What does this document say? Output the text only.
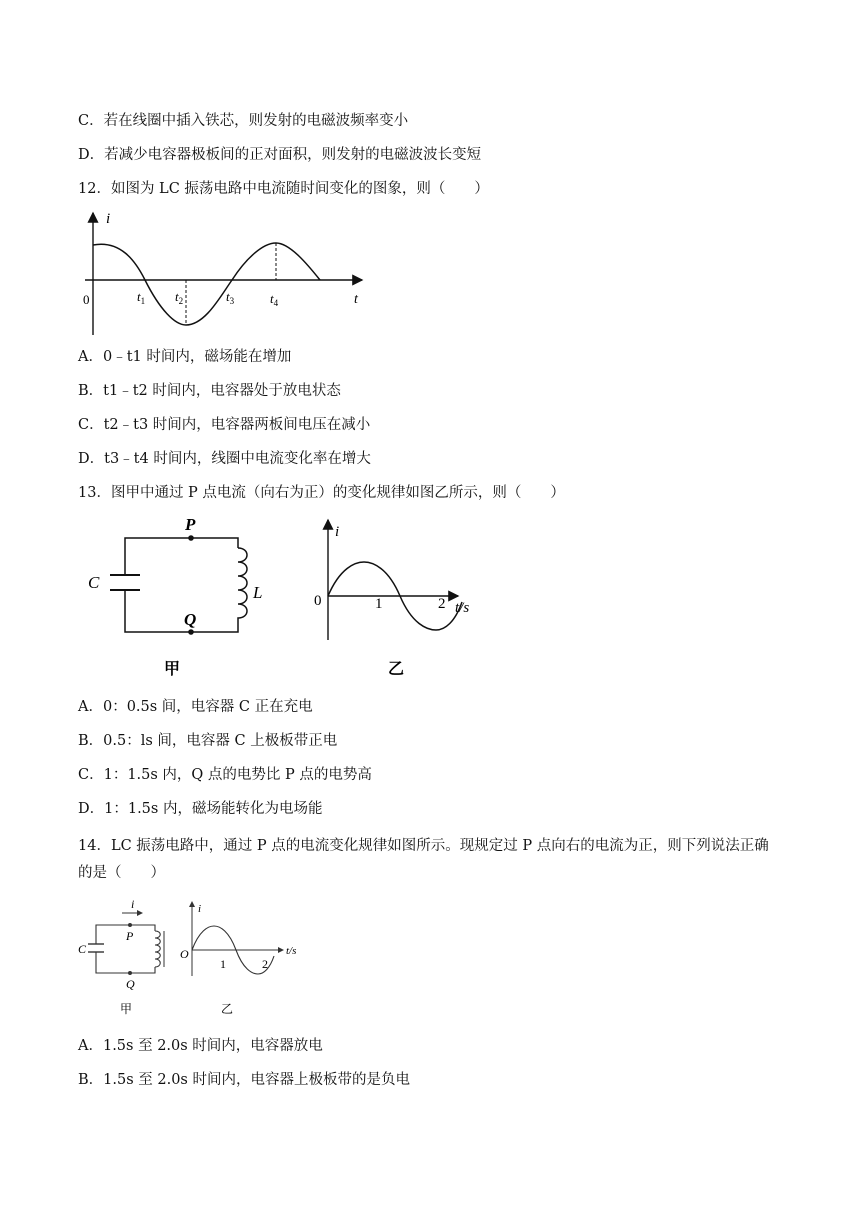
C．若在线圈中插入铁芯，则发射的电磁波频率变小
D．若减少电容器极板间的正对面积，则发射的电磁波波长变短
12．如图为 LC 振荡电路中电流随时间变化的图象，则（　　）
i
0	t
$t_1$ $t_2$	$t_3$	$t_4$
A．0﹣t1 时间内，磁场能在增加
B．t1﹣t2 时间内，电容器处于放电状态
C．t2﹣t3 时间内，电容器两板间电压在减小
D．t3﹣t4 时间内，线圈中电流变化率在增大
13．图甲中通过 P 点电流（向右为正）的变化规律如图乙所示，则（　　）
P
Q
C
L
甲
i
0	1	2 t/s
乙
A．0：0.5s 间，电容器 C 正在充电
B．0.5：ls 间，电容器 C 上极板带正电
C．1：1.5s 内，Q 点的电势比 P 点的电势高
D．1：1.5s 内，磁场能转化为电场能
14．LC 振荡电路中，通过 P 点的电流变化规律如图所示。现规定过 P 点向右的电流为正，则下列说法正确的是（　　）
i
P
Q
C
甲
i
O
1	2
t/s
乙
A．1.5s 至 2.0s 时间内，电容器放电
B．1.5s 至 2.0s 时间内，电容器上极板带的是负电
